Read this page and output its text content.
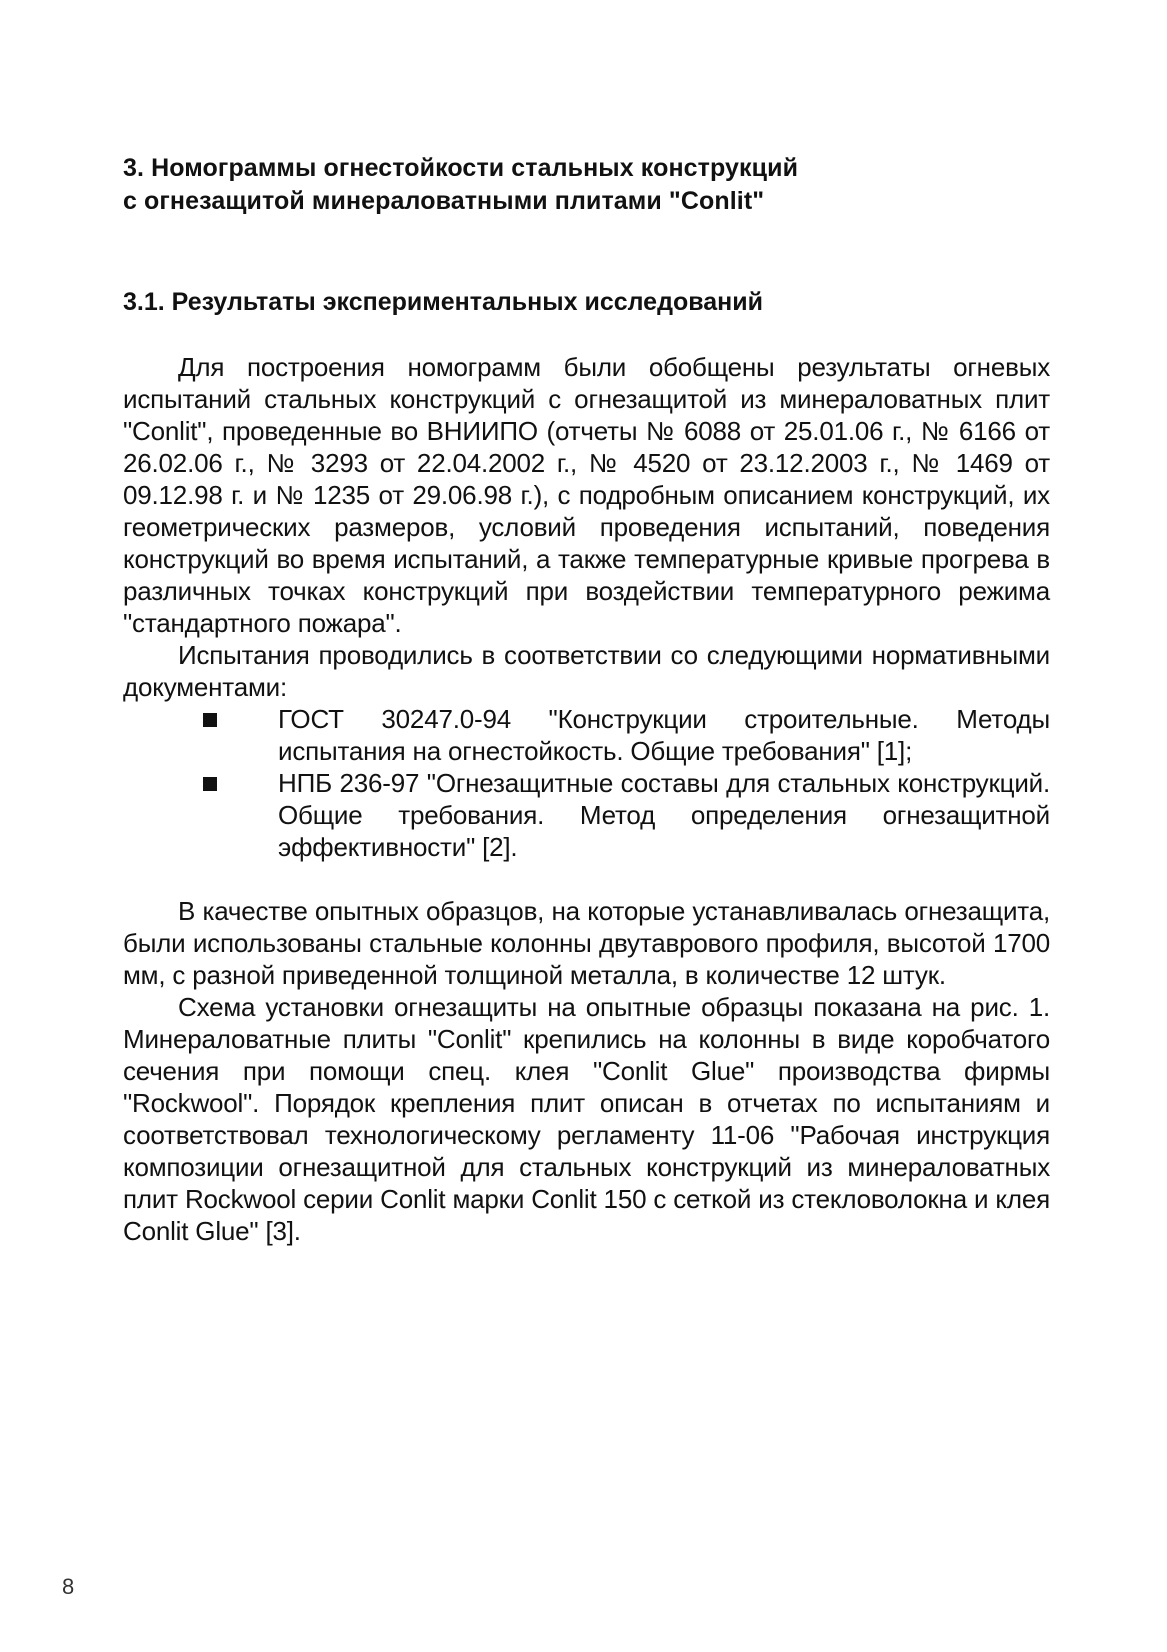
3. Номограммы огнестойкости стальных конструкций
с огнезащитой минераловатными плитами "Conlit"
3.1. Результаты экспериментальных исследований

Для построения номограмм были обобщены результаты огневых испытаний стальных конструкций с огнезащитой из минераловатных плит "Conlit", проведенные во ВНИИПО (отчеты № 6088 от 25.01.06 г., № 6166 от 26.02.06 г., № 3293 от 22.04.2002 г., № 4520 от 23.12.2003 г., № 1469 от 09.12.98 г. и № 1235 от 29.06.98 г.), с подробным описанием конструкций, их геометрических размеров, условий проведения испытаний, поведения конструкций во время испытаний, а также температурные кривые прогрева в различных точках конструкций при воздействии температурного режима "стандартного пожара".

Испытания проводились в соответствии со следующими нормативными документами:

ГОСТ 30247.0-94 "Конструкции строительные. Методы испытания на огнестойкость. Общие требования" [1];
НПБ 236-97 "Огнезащитные составы для стальных конструкций. Общие требования. Метод определения огнезащитной эффективности" [2].

В качестве опытных образцов, на которые устанавливалась огнезащита, были использованы стальные колонны двутаврового профиля, высотой 1700 мм, с разной приведенной толщиной металла, в количестве 12 штук.

Схема установки огнезащиты на опытные образцы показана на рис. 1. Минераловатные плиты "Conlit" крепились на колонны в виде коробчатого сечения при помощи спец. клея "Conlit Glue" производства фирмы "Rockwool". Порядок крепления плит описан в отчетах по испытаниям и соответствовал технологическому регламенту 11-06 "Рабочая инструкция композиции огнезащитной для стальных конструкций из минераловатных плит Rockwool серии Conlit марки Conlit 150 с сеткой из стекловолокна и клея Conlit Glue" [3].

8
